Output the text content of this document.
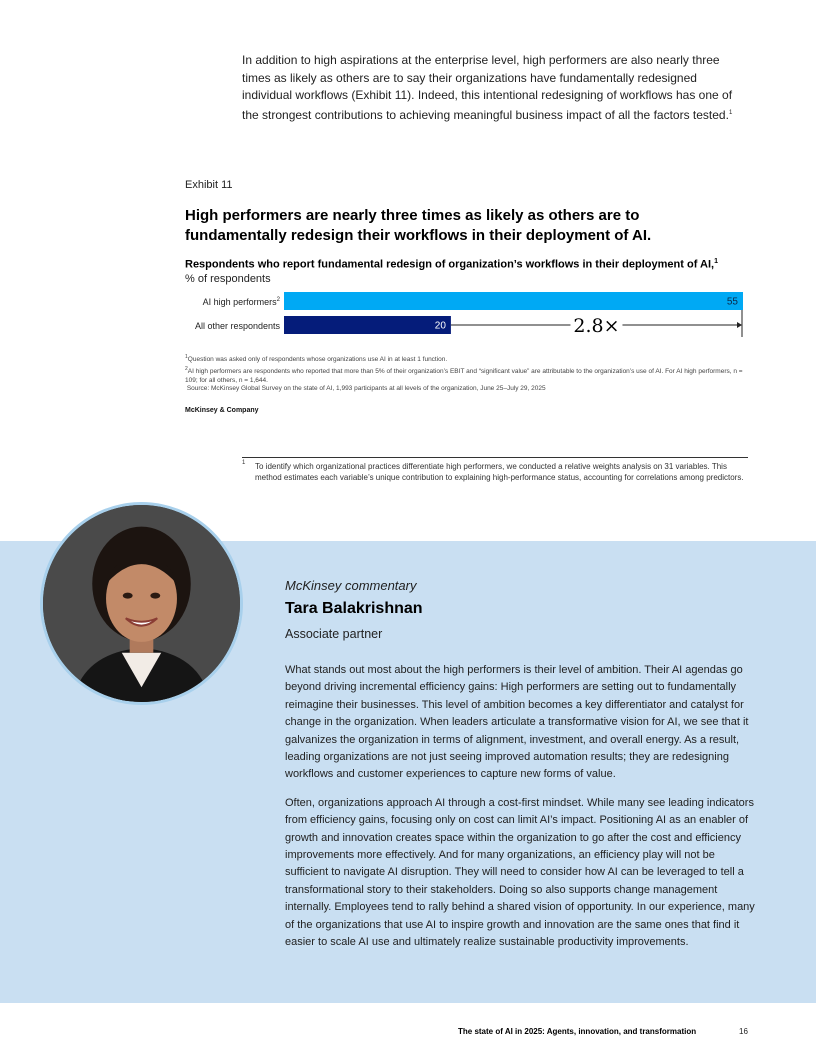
In addition to high aspirations at the enterprise level, high performers are also nearly three times as likely as others are to say their organizations have fundamentally redesigned individual workflows (Exhibit 11). Indeed, this intentional redesigning of workflows has one of the strongest contributions to achieving meaningful business impact of all the factors tested.$^1$
Exhibit 11
High performers are nearly three times as likely as others are to fundamentally redesign their workflows in their deployment of AI.
Respondents who report fundamental redesign of organization’s workflows in their deployment of AI,$^1$
% of respondents
AI high performers$^2$
All other respondents
55
20	2.8×
$^1$Question was asked only of respondents whose organizations use AI in at least 1 function.
$^2$AI high performers are respondents who reported that more than 5% of their organization’s EBIT and “significant value” are attributable to the organization’s use of AI. For AI high performers, n = 109; for all others, n = 1,644.
Source: McKinsey Global Survey on the state of AI, 1,993 participants at all levels of the organization, June 25–July 29, 2025
McKinsey & Company
1 To identify which organizational practices differentiate high performers, we conducted a relative weights analysis on 31 variables. This method estimates each variable’s unique contribution to explaining high-performance status, accounting for correlations among predictors.
McKinsey commentary
Tara Balakrishnan
Associate partner

What stands out most about the high performers is their level of ambition. Their AI agendas go beyond driving incremental efficiency gains: High performers are setting out to fundamentally reimagine their businesses. This level of ambition becomes a key differentiator and catalyst for change in the organization. When leaders articulate a transformative vision for AI, we see that it galvanizes the organization in terms of alignment, investment, and overall energy. As a result, leading organizations are not just seeing improved automation results; they are redesigning workflows and customer experiences to capture new forms of value.

Often, organizations approach AI through a cost-first mindset. While many see leading indicators from efficiency gains, focusing only on cost can limit AI’s impact. Positioning AI as an enabler of growth and innovation creates space within the organization to go after the cost and efficiency improvements more effectively. And for many organizations, an efficiency play will not be sufficient to navigate AI disruption. They will need to consider how AI can be leveraged to tell a transformational story to their stakeholders. Doing so also supports change management internally. Employees tend to rally behind a shared vision of opportunity. In our experience, many of the organizations that use AI to inspire growth and innovation are the same ones that find it easier to scale AI use and ultimately realize sustainable productivity improvements.

The state of AI in 2025: Agents, innovation, and transformation	16
